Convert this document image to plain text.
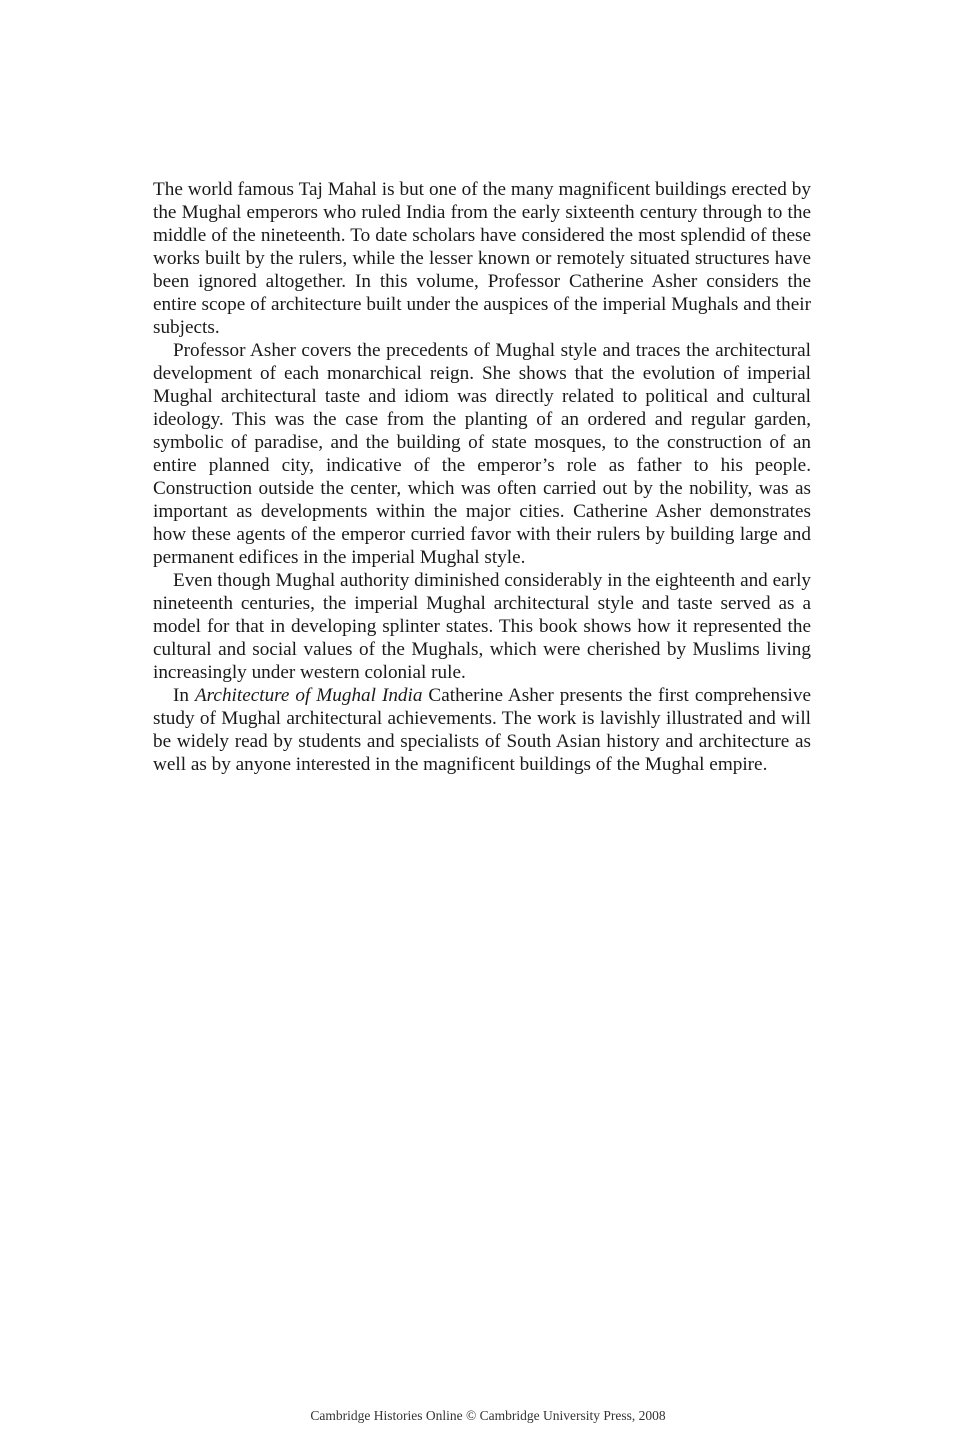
The world famous Taj Mahal is but one of the many magnificent buildings erected by the Mughal emperors who ruled India from the early sixteenth century through to the middle of the nineteenth. To date scholars have considered the most splendid of these works built by the rulers, while the lesser known or remotely situated structures have been ignored altogether. In this volume, Professor Catherine Asher considers the entire scope of architecture built under the auspices of the imperial Mughals and their subjects.

Professor Asher covers the precedents of Mughal style and traces the architectural development of each monarchical reign. She shows that the evolution of imperial Mughal architectural taste and idiom was directly related to political and cultural ideology. This was the case from the planting of an ordered and regular garden, symbolic of paradise, and the building of state mosques, to the construction of an entire planned city, indicative of the emperor’s role as father to his people. Construction outside the center, which was often carried out by the nobility, was as important as developments within the major cities. Catherine Asher demonstrates how these agents of the emperor curried favor with their rulers by building large and permanent edifices in the imperial Mughal style.

Even though Mughal authority diminished considerably in the eighteenth and early nineteenth centuries, the imperial Mughal architectural style and taste served as a model for that in developing splinter states. This book shows how it represented the cultural and social values of the Mughals, which were cherished by Muslims living increasingly under western colonial rule.

In Architecture of Mughal India Catherine Asher presents the first comprehensive study of Mughal architectural achievements. The work is lavishly illustrated and will be widely read by students and specialists of South Asian history and architecture as well as by anyone interested in the magnificent buildings of the Mughal empire.

Cambridge Histories Online © Cambridge University Press, 2008
